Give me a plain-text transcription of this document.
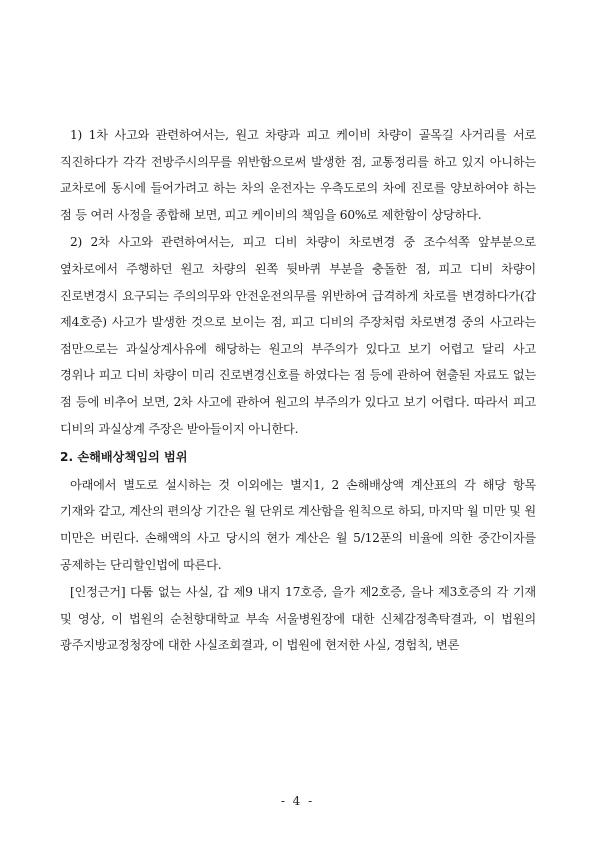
1) 1차 사고와 관련하여서는, 원고 차량과 피고 케이비 차량이 골목길 사거리를 서로 직진하다가 각각 전방주시의무를 위반함으로써 발생한 점, 교통정리를 하고 있지 아니하는 교차로에 동시에 들어가려고 하는 차의 운전자는 우측도로의 차에 진로를 양보하여야 하는 점 등 여러 사정을 종합해 보면, 피고 케이비의 책임을 60%로 제한함이 상당하다.

2) 2차 사고와 관련하여서는, 피고 디비 차량이 차로변경 중 조수석쪽 앞부분으로 옆차로에서 주행하던 원고 차량의 왼쪽 뒷바퀴 부분을 충돌한 점, 피고 디비 차량이 진로변경시 요구되는 주의의무와 안전운전의무를 위반하여 급격하게 차로를 변경하다가(갑 제4호증) 사고가 발생한 것으로 보이는 점, 피고 디비의 주장처럼 차로변경 중의 사고라는 점만으로는 과실상계사유에 해당하는 원고의 부주의가 있다고 보기 어렵고 달리 사고 경위나 피고 디비 차량이 미리 진로변경신호를 하였다는 점 등에 관하여 현출된 자료도 없는 점 등에 비추어 보면, 2차 사고에 관하여 원고의 부주의가 있다고 보기 어렵다. 따라서 피고 디비의 과실상계 주장은 받아들이지 아니한다.

2. 손해배상책임의 범위

아래에서 별도로 설시하는 것 이외에는 별지1, 2 손해배상액 계산표의 각 해당 항목 기재와 같고, 계산의 편의상 기간은 월 단위로 계산함을 원칙으로 하되, 마지막 월 미만 및 원 미만은 버린다. 손해액의 사고 당시의 현가 계산은 월 5/12푼의 비율에 의한 중간이자를 공제하는 단리할인법에 따른다.

[인정근거] 다툼 없는 사실, 갑 제9 내지 17호증, 을가 제2호증, 을나 제3호증의 각 기재 및 영상, 이 법원의 순천향대학교 부속 서울병원장에 대한 신체감정촉탁결과, 이 법원의 광주지방교정청장에 대한 사실조회결과, 이 법원에 현저한 사실, 경험칙, 변론

- 4 -
